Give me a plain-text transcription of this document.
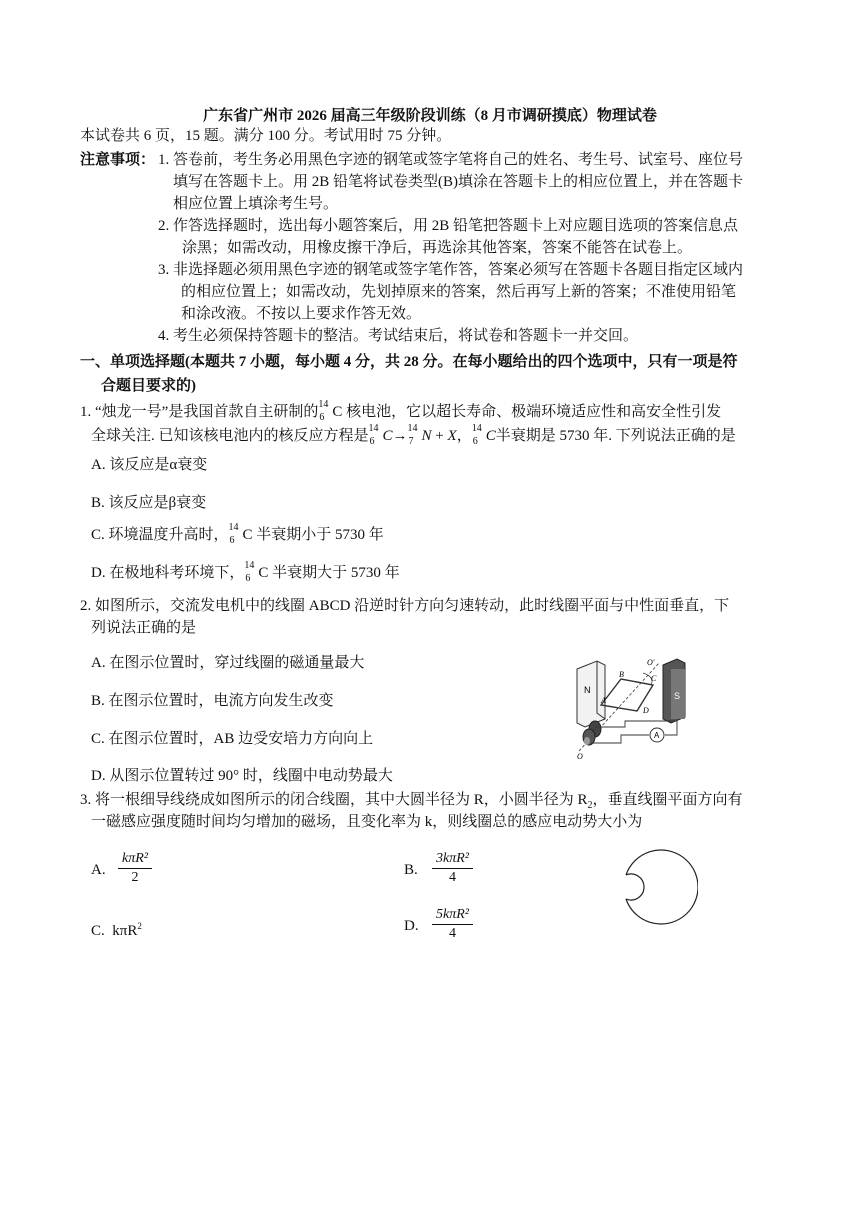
广东省广州市 2026 届高三年级阶段训练（8 月市调研摸底）物理试卷
本试卷共 6 页，15 题。满分 100 分。考试用时 75 分钟。
注意事项： 1. 答卷前，考生务必用黑色字迹的钢笔或签字笔将自己的姓名、考生号、试室号、座位号
填写在答题卡上。用 2B 铅笔将试卷类型(B)填涂在答题卡上的相应位置上，并在答题卡
相应位置上填涂考生号。
2. 作答选择题时，选出每小题答案后，用 2B 铅笔把答题卡上对应题目选项的答案信息点
涂黑；如需改动，用橡皮擦干净后，再选涂其他答案，答案不能答在试卷上。
3. 非选择题必须用黑色字迹的钢笔或签字笔作答，答案必须写在答题卡各题目指定区域内
的相应位置上；如需改动，先划掉原来的答案，然后再写上新的答案；不准使用铅笔
和涂改液。不按以上要求作答无效。
4. 考生必须保持答题卡的整洁。考试结束后，将试卷和答题卡一并交回。
一、单项选择题(本题共 7 小题，每小题 4 分，共 28 分。在每小题给出的四个选项中，只有一项是符
合题目要求的)
1. “烛龙一号”是我国首款自主研制的 14
6 C 核电池，它以超长寿命、极端环境适应性和高安全性引发
全球关注. 已知该核电池内的核反应方程是 14
6 C→ 14
7 N + X， 14
6 C半衰期是 5730 年. 下列说法正确的是
A. 该反应是α衰变
B. 该反应是β衰变
C. 环境温度升高时， 14
6 C 半衰期小于 5730 年
D. 在极地科考环境下， 14
6 C 半衰期大于 5730 年
2. 如图所示，交流发电机中的线圈 ABCD 沿逆时针方向匀速转动，此时线圈平面与中性面垂直，下
列说法正确的是
A. 在图示位置时，穿过线圈的磁通量最大
B. 在图示位置时，电流方向发生改变
C. 在图示位置时，AB 边受安培力方向向上
D. 从图示位置转过 90° 时，线圈中电动势最大
N
S
O′
O
A
B	C
D
A
3. 将一根细导线绕成如图所示的闭合线圈，其中大圆半径为 R，小圆半径为 $R_2$，垂直线圈平面方向有
一磁感应强度随时间均匀增加的磁场，且变化率为 k，则线圈总的感应电动势大小为
A. $\frac{\text{kπR²}}{2}$	B. $\frac{\text{3kπR²}}{4}$
C. kπR$^2$	D. $\frac{\text{5kπR²}}{4}$
